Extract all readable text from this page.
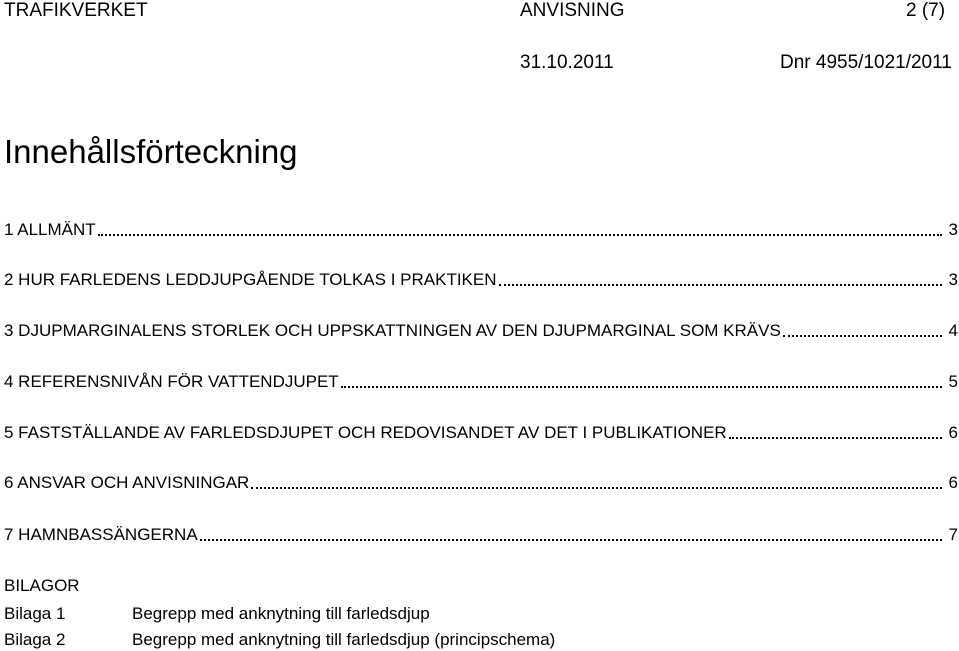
TRAFIKVERKET	ANVISNING	2 (7)
31.10.2011	Dnr 4955/1021/2011
Innehållsförteckning
1 ALLMÄNT	3
2 HUR FARLEDENS LEDDJUPGÅENDE TOLKAS I PRAKTIKEN	3
3 DJUPMARGINALENS STORLEK OCH UPPSKATTNINGEN AV DEN DJUPMARGINAL SOM KRÄVS	4
4 REFERENSNIVÅN FÖR VATTENDJUPET	5
5 FASTSTÄLLANDE AV FARLEDSDJUPET OCH REDOVISANDET AV DET I PUBLIKATIONER	6
6 ANSVAR OCH ANVISNINGAR	6
7 HAMNBASSÄNGERNA	7
BILAGOR
Bilaga 1	Begrepp med anknytning till farledsdjup
Bilaga 2	Begrepp med anknytning till farledsdjup (principschema)
